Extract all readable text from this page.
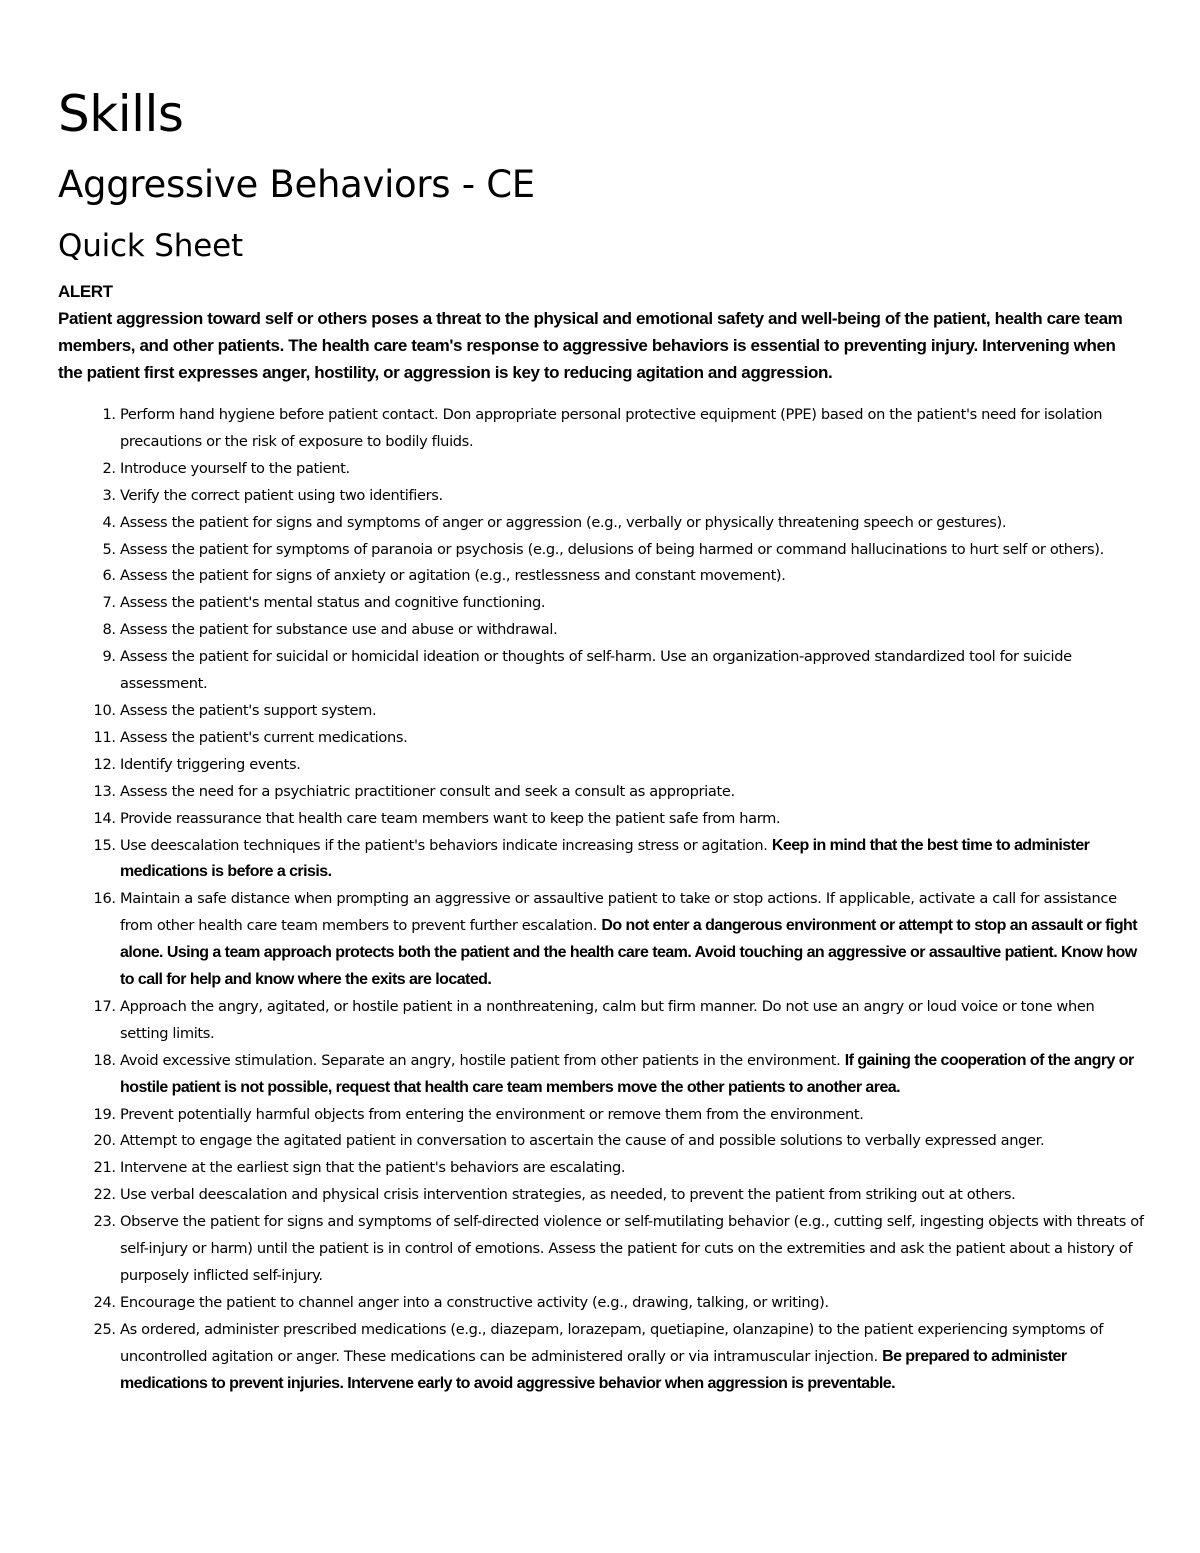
Skills
Aggressive Behaviors - CE
Quick Sheet
ALERT
Patient aggression toward self or others poses a threat to the physical and emotional safety and well-being of the patient, health care team members, and other patients. The health care team's response to aggressive behaviors is essential to preventing injury. Intervening when the patient first expresses anger, hostility, or aggression is key to reducing agitation and aggression.
1. Perform hand hygiene before patient contact. Don appropriate personal protective equipment (PPE) based on the patient's need for isolation precautions or the risk of exposure to bodily fluids.
2. Introduce yourself to the patient.
3. Verify the correct patient using two identifiers.
4. Assess the patient for signs and symptoms of anger or aggression (e.g., verbally or physically threatening speech or gestures).
5. Assess the patient for symptoms of paranoia or psychosis (e.g., delusions of being harmed or command hallucinations to hurt self or others).
6. Assess the patient for signs of anxiety or agitation (e.g., restlessness and constant movement).
7. Assess the patient's mental status and cognitive functioning.
8. Assess the patient for substance use and abuse or withdrawal.
9. Assess the patient for suicidal or homicidal ideation or thoughts of self-harm. Use an organization-approved standardized tool for suicide assessment.
10. Assess the patient's support system.
11. Assess the patient's current medications.
12. Identify triggering events.
13. Assess the need for a psychiatric practitioner consult and seek a consult as appropriate.
14. Provide reassurance that health care team members want to keep the patient safe from harm.
15. Use deescalation techniques if the patient's behaviors indicate increasing stress or agitation. Keep in mind that the best time to administer medications is before a crisis.
16. Maintain a safe distance when prompting an aggressive or assaultive patient to take or stop actions. If applicable, activate a call for assistance from other health care team members to prevent further escalation. Do not enter a dangerous environment or attempt to stop an assault or fight alone. Using a team approach protects both the patient and the health care team. Avoid touching an aggressive or assaultive patient. Know how to call for help and know where the exits are located.
17. Approach the angry, agitated, or hostile patient in a nonthreatening, calm but firm manner. Do not use an angry or loud voice or tone when setting limits.
18. Avoid excessive stimulation. Separate an angry, hostile patient from other patients in the environment. If gaining the cooperation of the angry or hostile patient is not possible, request that health care team members move the other patients to another area.
19. Prevent potentially harmful objects from entering the environment or remove them from the environment.
20. Attempt to engage the agitated patient in conversation to ascertain the cause of and possible solutions to verbally expressed anger.
21. Intervene at the earliest sign that the patient's behaviors are escalating.
22. Use verbal deescalation and physical crisis intervention strategies, as needed, to prevent the patient from striking out at others.
23. Observe the patient for signs and symptoms of self-directed violence or self-mutilating behavior (e.g., cutting self, ingesting objects with threats of self-injury or harm) until the patient is in control of emotions. Assess the patient for cuts on the extremities and ask the patient about a history of purposely inflicted self-injury.
24. Encourage the patient to channel anger into a constructive activity (e.g., drawing, talking, or writing).
25. As ordered, administer prescribed medications (e.g., diazepam, lorazepam, quetiapine, olanzapine) to the patient experiencing symptoms of uncontrolled agitation or anger. These medications can be administered orally or via intramuscular injection. Be prepared to administer medications to prevent injuries. Intervene early to avoid aggressive behavior when aggression is preventable.
